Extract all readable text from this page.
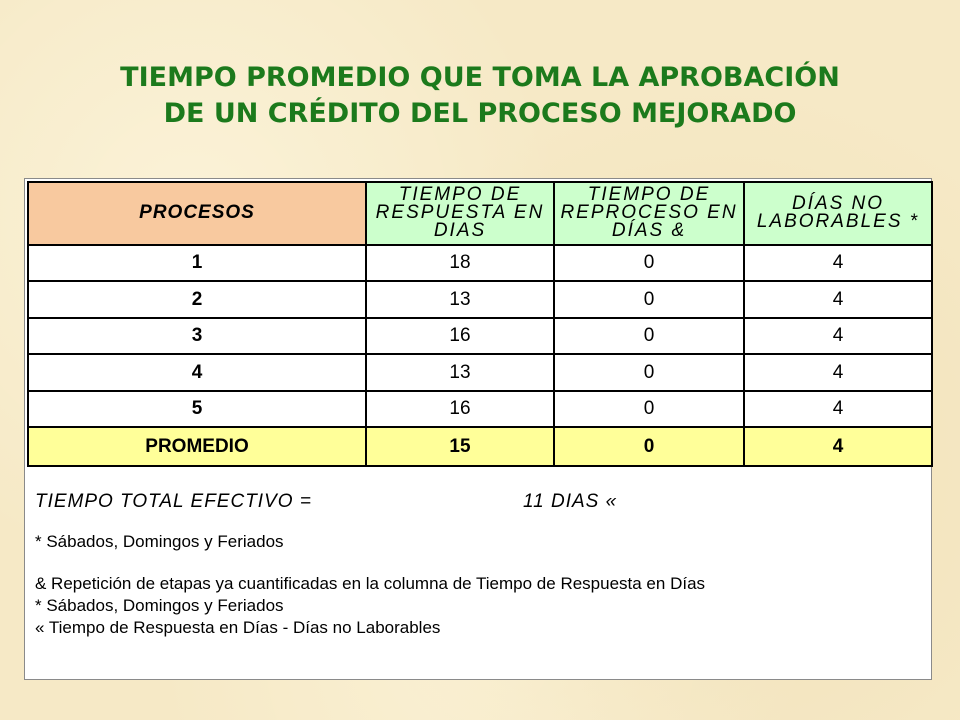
TIEMPO PROMEDIO QUE TOMA LA APROBACIÓN
DE UN CRÉDITO DEL PROCESO MEJORADO
PROCESOS	TIEMPO DE RESPUESTA EN DIAS	TIEMPO DE REPROCESO EN DÍAS &	DÍAS NO LABORABLES *
1	18	0	4
2	13	0	4
3	16	0	4
4	13	0	4
5	16	0	4
PROMEDIO	15	0	4
TIEMPO TOTAL EFECTIVO =	11 DIAS «
* Sábados, Domingos y Feriados
& Repetición de etapas ya cuantificadas en la columna de Tiempo de Respuesta en Días
* Sábados, Domingos y Feriados
« Tiempo de Respuesta en Días - Días no Laborables
